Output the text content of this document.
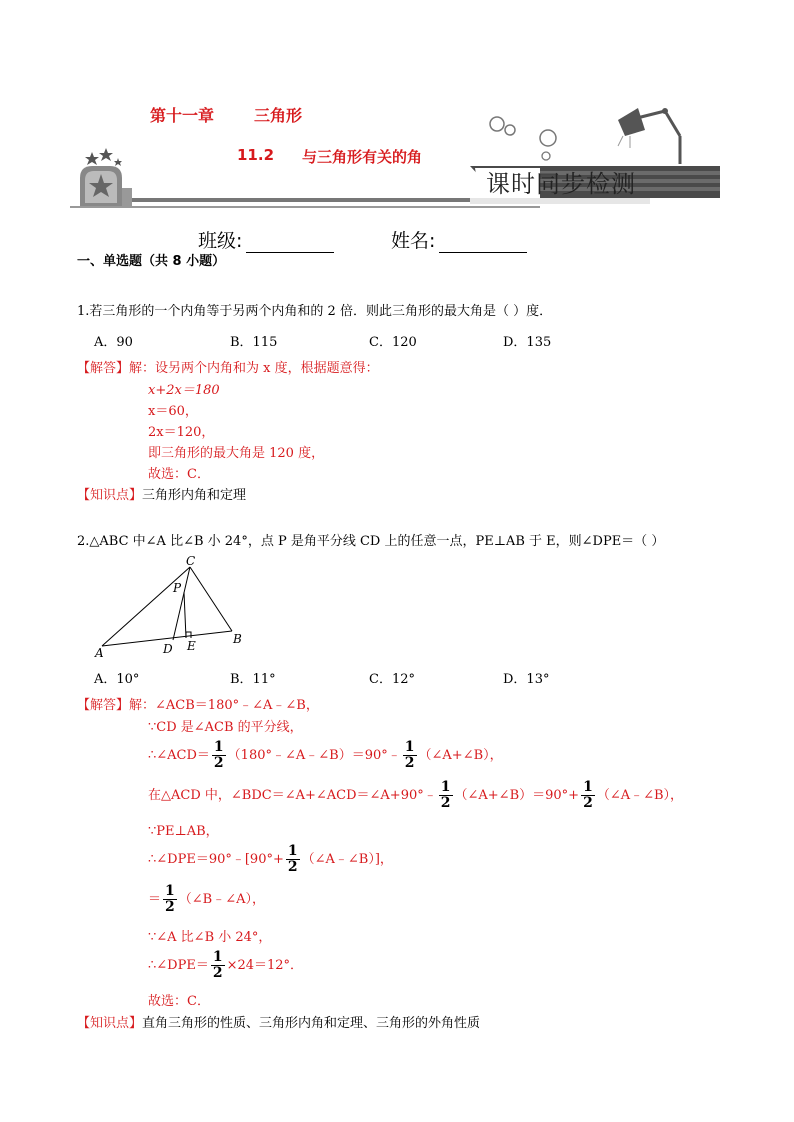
第十一章 三角形
11.2 与三角形有关的角
课时同步检测
班级:	姓名:
一、单选题（共 8 小题）
1.若三角形的一个内角等于另两个内角和的 2 倍．则此三角形的最大角是（ ）度．
A．90	B．115	C．120	D．135
【解答】解：设另两个内角和为 x 度，根据题意得：
x+2x＝180
x＝60，
2x＝120，
即三角形的最大角是 120 度，
故选：C．
【知识点】三角形内角和定理
2.△ABC 中∠A 比∠B 小 24°，点 P 是角平分线 CD 上的任意一点，PE⊥AB 于 E，则∠DPE＝（ ）
A
B
C
D E
P
A．10°	B．11°	C．12°	D．13°
【解答】解：∠ACB＝180°﹣∠A﹣∠B，
∵CD 是∠ACB 的平分线，
∴∠ACD＝ $\frac{1}{2}$ （180°﹣∠A﹣∠B）＝90°﹣ $\frac{1}{2}$ （∠A+∠B），
在△ACD 中，∠BDC＝∠A+∠ACD＝∠A+90°﹣ $\frac{1}{2}$ （∠A+∠B）＝90°+ $\frac{1}{2}$ （∠A﹣∠B），
∵PE⊥AB，
∴∠DPE＝90°﹣[90°+ $\frac{1}{2}$ （∠A﹣∠B）]，
＝ $\frac{1}{2}$ （∠B﹣∠A），
∵∠A 比∠B 小 24°，
∴∠DPE＝ $\frac{1}{2} \times 24=12^\circ$．
故选：C．
【知识点】直角三角形的性质、三角形内角和定理、三角形的外角性质
